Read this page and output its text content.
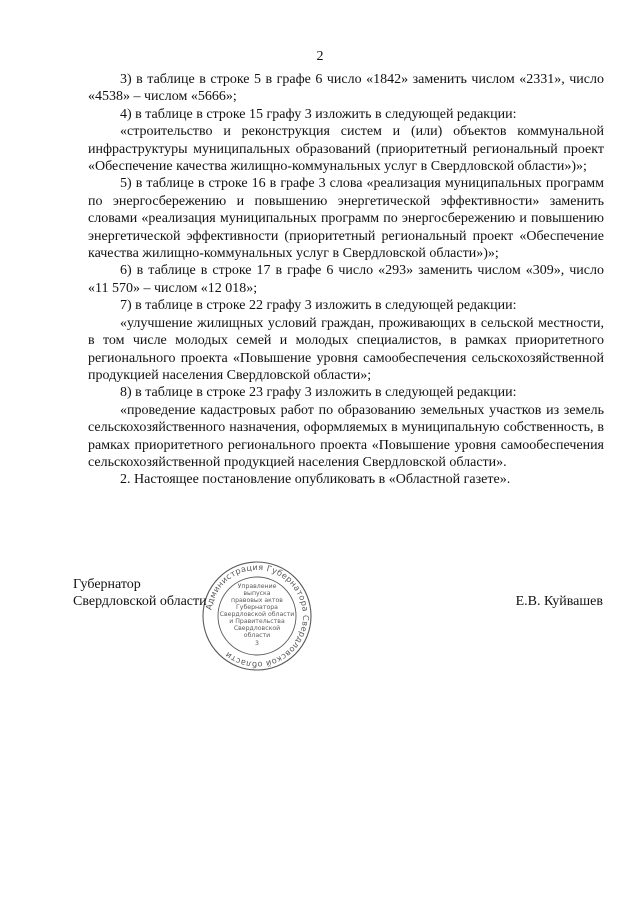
2

3) в таблице в строке 5 в графе 6 число «1842» заменить числом «2331», число «4538» – числом «5666»;

4) в таблице в строке 15 графу 3 изложить в следующей редакции:

«строительство и реконструкция систем и (или) объектов коммунальной инфраструктуры муниципальных образований (приоритетный региональный проект «Обеспечение качества жилищно-коммунальных услуг в Свердловской области»)»;

5) в таблице в строке 16 в графе 3 слова «реализация муниципальных программ по энергосбережению и повышению энергетической эффективности» заменить словами «реализация муниципальных программ по энергосбережению и повышению энергетической эффективности (приоритетный региональный проект «Обеспечение качества жилищно-коммунальных услуг в Свердловской области»)»;

6) в таблице в строке 17 в графе 6 число «293» заменить числом «309», число «11 570» – числом «12 018»;

7) в таблице в строке 22 графу 3 изложить в следующей редакции:

«улучшение жилищных условий граждан, проживающих в сельской местности, в том числе молодых семей и молодых специалистов, в рамках приоритетного регионального проекта «Повышение уровня самообеспечения сельскохозяйственной продукцией населения Свердловской области»;

8) в таблице в строке 23 графу 3 изложить в следующей редакции:

«проведение кадастровых работ по образованию земельных участков из земель сельскохозяйственного назначения, оформляемых в муниципальную собственность, в рамках приоритетного регионального проекта «Повышение уровня самообеспечения сельскохозяйственной продукцией населения Свердловской области».

2. Настоящее постановление опубликовать в «Областной газете».

Администрация Губернатора Свердловской области
Управление
выпуска
правовых актов
Губернатора
Свердловской области
и Правительства
Свердловской
области
3

Губернатор

Свердловской области	Е.В. Куйвашев
